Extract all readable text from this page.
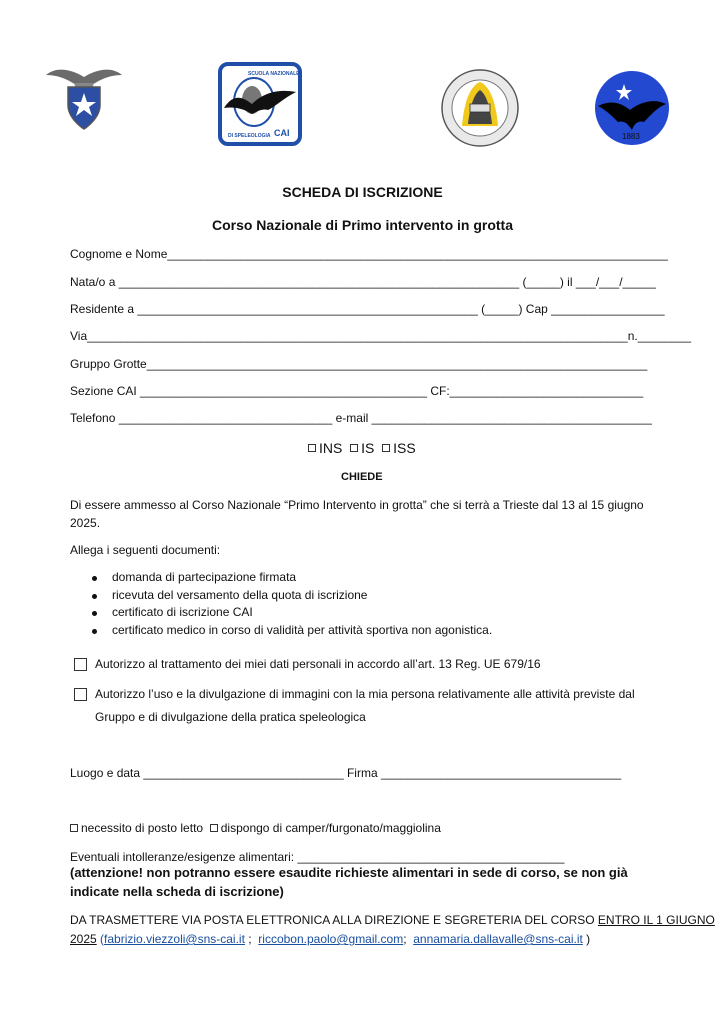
SCUOLA NAZIONALE
DI SPELEOLOGIA CAI	1883
SCHEDA DI ISCRIZIONE
Corso Nazionale di Primo intervento in grotta
Cognome e Nome___________________________________________________________________________
Nata/o a ____________________________________________________________ (_____) il ___/___/_____
Residente a ___________________________________________________ (_____) Cap _________________
Via_________________________________________________________________________________n.________
Gruppo Grotte___________________________________________________________________________
Sezione CAI ___________________________________________ CF:_____________________________
Telefono ________________________________ e-mail __________________________________________
INS IS ISS
CHIEDE
Di essere ammesso al Corso Nazionale “Primo Intervento in grotta” che si terrà a Trieste dal 13 al 15 giugno
2025.
Allega i seguenti documenti:
domanda di partecipazione firmata
ricevuta del versamento della quota di iscrizione
certificato di iscrizione CAI
certificato medico in corso di validità per attività sportiva non agonistica.
Autorizzo al trattamento dei miei dati personali in accordo all’art. 13 Reg. UE 679/16
Autorizzo l’uso e la divulgazione di immagini con la mia persona relativamente alle attività previste dal
Gruppo e di divulgazione della pratica speleologica
Luogo e data ______________________________ Firma ____________________________________
necessito di posto letto dispongo di camper/furgonato/maggiolina
Eventuali intolleranze/esigenze alimentari: ________________________________________
(attenzione! non potranno essere esaudite richieste alimentari in sede di corso, se non già
indicate nella scheda di iscrizione)
DA TRASMETTERE VIA POSTA ELETTRONICA ALLA DIREZIONE E SEGRETERIA DEL CORSO ENTRO IL 1 GIUGNO
2025 (fabrizio.viezzoli@sns-cai.it ;  riccobon.paolo@gmail.com;  annamaria.dallavalle@sns-cai.it )
